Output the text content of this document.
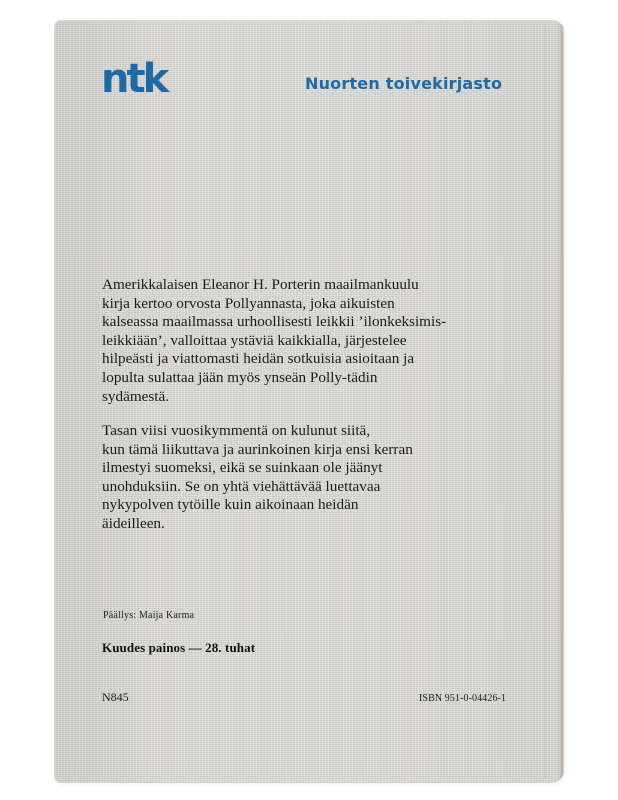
ntk	Nuorten toivekirjasto

Amerikkalaisen Eleanor H. Porterin maailmankuulu
kirja kertoo orvosta Pollyannasta, joka aikuisten
kalseassa maailmassa urhoollisesti leikkii ’ilonkeksimis-
leikkiään’, valloittaa ystäviä kaikkialla, järjestelee
hilpeästi ja viattomasti heidän sotkuisia asioitaan ja
lopulta sulattaa jään myös ynseän Polly-tädin
sydämestä.

Tasan viisi vuosikymmentä on kulunut siitä,
kun tämä liikuttava ja aurinkoinen kirja ensi kerran
ilmestyi suomeksi, eikä se suinkaan ole jäänyt
unohduksiin. Se on yhtä viehättävää luettavaa
nykypolven tytöille kuin aikoinaan heidän
äideilleen.

Päällys: Maija Karma
Kuudes painos — 28. tuhat
N845	ISBN 951-0-04426-1
